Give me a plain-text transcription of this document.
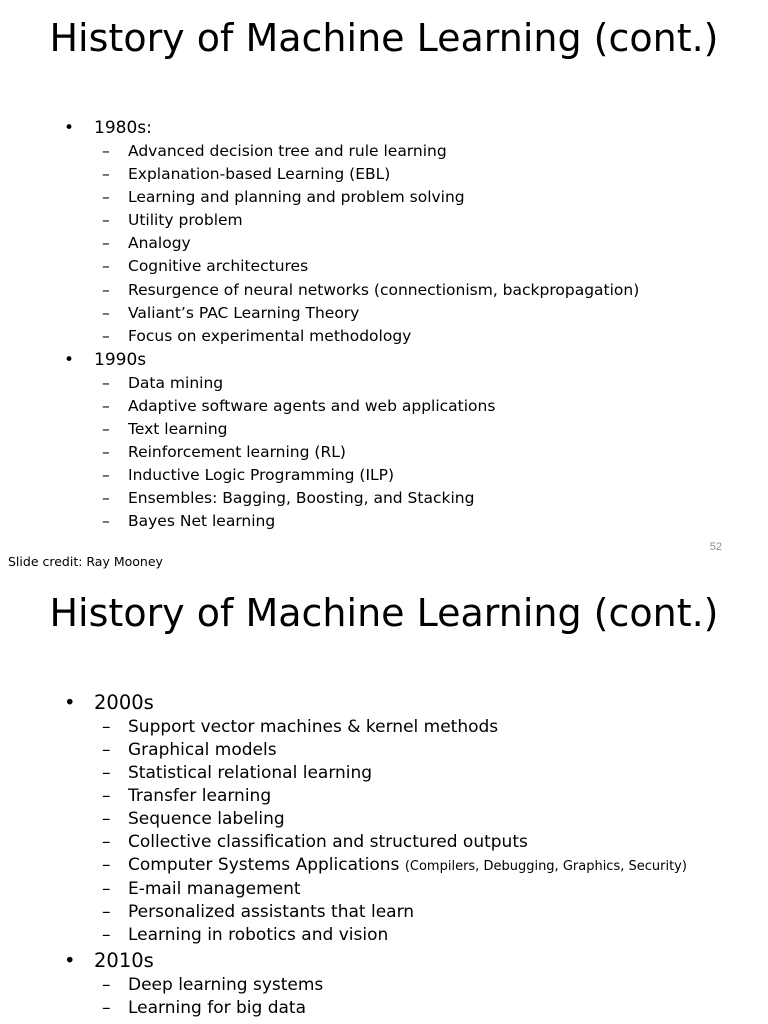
History of Machine Learning (cont.)
• 1980s:
– Advanced decision tree and rule learning
– Explanation-based Learning (EBL)
– Learning and planning and problem solving
– Utility problem
– Analogy
– Cognitive architectures
– Resurgence of neural networks (connectionism, backpropagation)
– Valiant’s PAC Learning Theory
– Focus on experimental methodology
• 1990s
– Data mining
– Adaptive software agents and web applications
– Text learning
– Reinforcement learning (RL)
– Inductive Logic Programming (ILP)
– Ensembles: Bagging, Boosting, and Stacking
– Bayes Net learning
52
Slide credit: Ray Mooney
History of Machine Learning (cont.)
• 2000s
– Support vector machines & kernel methods
– Graphical models
– Statistical relational learning
– Transfer learning
– Sequence labeling
– Collective classification and structured outputs
– Computer Systems Applications (Compilers, Debugging, Graphics, Security)
– E-mail management
– Personalized assistants that learn
– Learning in robotics and vision
• 2010s
– Deep learning systems
– Learning for big data
